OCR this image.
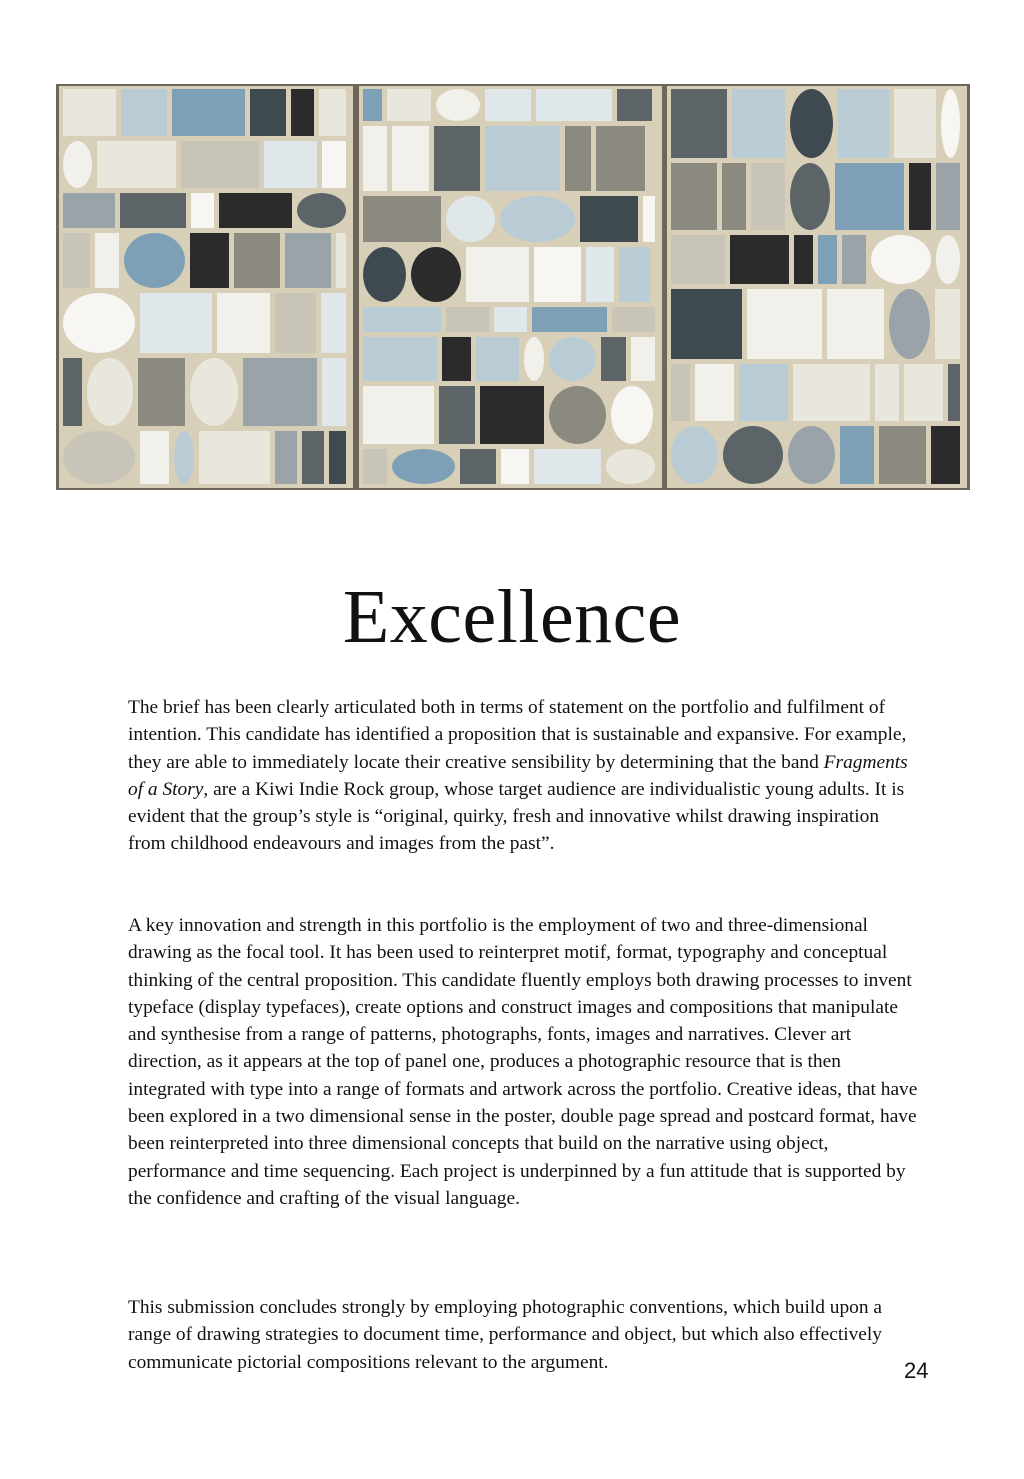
Excellence

The brief has been clearly articulated both in terms of statement on the portfolio and fulfilment of intention. This candidate has identified a proposition that is sustainable and expansive. For example, they are able to immediately locate their creative sensibility by determining that the band Fragments of a Story, are a Kiwi Indie Rock group, whose target audience are individualistic young adults. It is evident that the group’s style is “original, quirky, fresh and innovative whilst drawing inspiration from childhood endeavours and images from the past”.

A key innovation and strength in this portfolio is the employment of two and three-dimensional drawing as the focal tool. It has been used to reinterpret motif, format, typography and conceptual thinking of the central proposition. This candidate fluently employs both drawing processes to invent typeface (display typefaces), create options and construct images and compositions that manipulate and synthesise from a range of patterns, photographs, fonts, images and narratives. Clever art direction, as it appears at the top of panel one, produces a photographic resource that is then integrated with type into a range of formats and artwork across the portfolio. Creative ideas, that have been explored in a two dimensional sense in the poster, double page spread and postcard format, have been reinterpreted into three dimensional concepts that build on the narrative using object, performance and time sequencing. Each project is underpinned by a fun attitude that is supported by the confidence and crafting of the visual language.

This submission concludes strongly by employing photographic conventions, which build upon a range of drawing strategies to document time, performance and object, but which also effectively communicate pictorial compositions relevant to the argument.	24
